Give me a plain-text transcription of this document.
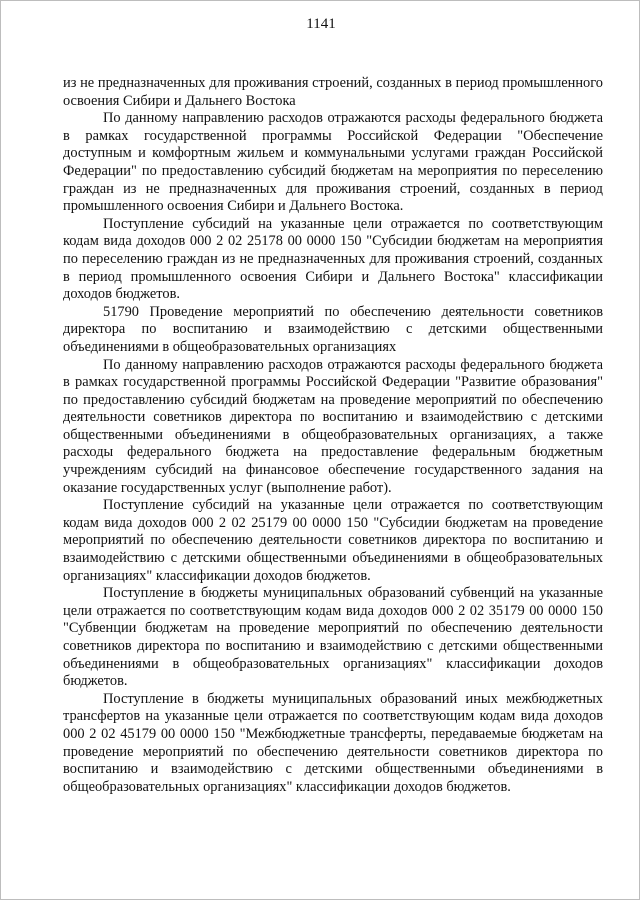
1141

из не предназначенных для проживания строений, созданных в период промышленного освоения Сибири и Дальнего Востока

По данному направлению расходов отражаются расходы федерального бюджета в рамках государственной программы Российской Федерации "Обеспечение доступным и комфортным жильем и коммунальными услугами граждан Российской Федерации" по предоставлению субсидий бюджетам на мероприятия по переселению граждан из не предназначенных для проживания строений, созданных в период промышленного освоения Сибири и Дальнего Востока.

Поступление субсидий на указанные цели отражается по соответствующим кодам вида доходов 000 2 02 25178 00 0000 150 "Субсидии бюджетам на мероприятия по переселению граждан из не предназначенных для проживания строений, созданных в период промышленного освоения Сибири и Дальнего Востока" классификации доходов бюджетов.

51790 Проведение мероприятий по обеспечению деятельности советников директора по воспитанию и взаимодействию с детскими общественными объединениями в общеобразовательных организациях

По данному направлению расходов отражаются расходы федерального бюджета в рамках государственной программы Российской Федерации "Развитие образования" по предоставлению субсидий бюджетам на проведение мероприятий по обеспечению деятельности советников директора по воспитанию и взаимодействию с детскими общественными объединениями в общеобразовательных организациях, а также расходы федерального бюджета на предоставление федеральным бюджетным учреждениям субсидий на финансовое обеспечение государственного задания на оказание государственных услуг (выполнение работ).

Поступление субсидий на указанные цели отражается по соответствующим кодам вида доходов 000 2 02 25179 00 0000 150 "Субсидии бюджетам на проведение мероприятий по обеспечению деятельности советников директора по воспитанию и взаимодействию с детскими общественными объединениями в общеобразовательных организациях" классификации доходов бюджетов.

Поступление в бюджеты муниципальных образований субвенций на указанные цели отражается по соответствующим кодам вида доходов 000 2 02 35179 00 0000 150 "Субвенции бюджетам на проведение мероприятий по обеспечению деятельности советников директора по воспитанию и взаимодействию с детскими общественными объединениями в общеобразовательных организациях" классификации доходов бюджетов.

Поступление в бюджеты муниципальных образований иных межбюджетных трансфертов на указанные цели отражается по соответствующим кодам вида доходов 000 2 02 45179 00 0000 150 "Межбюджетные трансферты, передаваемые бюджетам на проведение мероприятий по обеспечению деятельности советников директора по воспитанию и взаимодействию с детскими общественными объединениями в общеобразовательных организациях" классификации доходов бюджетов.
